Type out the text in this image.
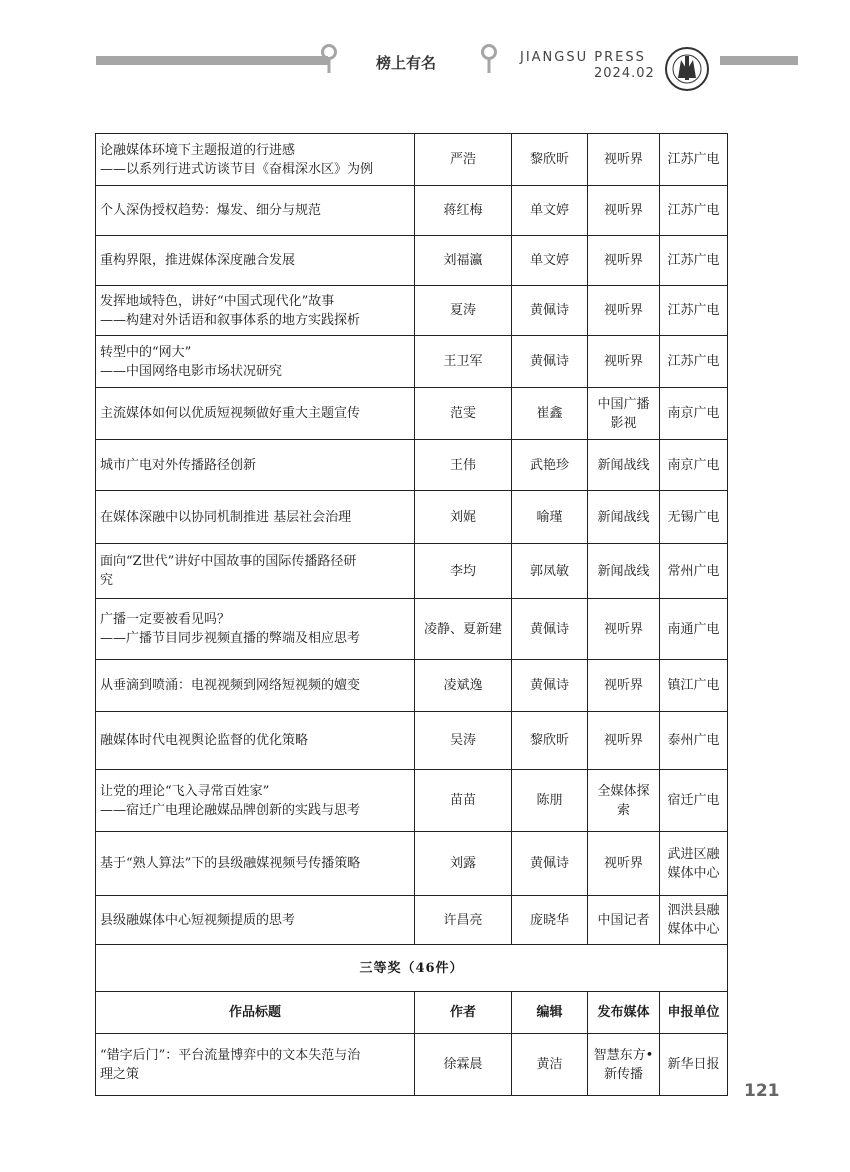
榜上有名	JIANGSU PRESS
2024.02
论融媒体环境下主题报道的行进感
——以系列行进式访谈节目《奋楫深水区》为例	严浩	黎欣昕	视听界	江苏广电

个人深伪授权趋势：爆发、细分与规范	蒋红梅	单文婷	视听界	江苏广电

重构界限，推进媒体深度融合发展	刘福瀛	单文婷	视听界	江苏广电

发挥地域特色，讲好“中国式现代化”故事
——构建对外话语和叙事体系的地方实践探析	夏涛	黄佩诗	视听界	江苏广电

转型中的“网大”
——中国网络电影市场状况研究	王卫军	黄佩诗	视听界	江苏广电

主流媒体如何以优质短视频做好重大主题宣传	范雯	崔鑫	中国广播影视	南京广电

城市广电对外传播路径创新	王伟	武艳珍	新闻战线	南京广电

在媒体深融中以协同机制推进 基层社会治理	刘娓	喻瑾	新闻战线	无锡广电

面向“Z世代”讲好中国故事的国际传播路径研
究	李均	郭凤敏	新闻战线	常州广电

广播一定要被看见吗？
——广播节目同步视频直播的弊端及相应思考	凌静、夏新建	黄佩诗	视听界	南通广电

从垂滴到喷涌：电视视频到网络短视频的嬗变	凌斌逸	黄佩诗	视听界	镇江广电

融媒体时代电视舆论监督的优化策略	吴涛	黎欣昕	视听界	泰州广电

让党的理论“飞入寻常百姓家”
——宿迁广电理论融媒品牌创新的实践与思考	苗苗	陈朋	全媒体探索	宿迁广电

基于“熟人算法”下的县级融媒视频号传播策略	刘露	黄佩诗	视听界	武进区融媒体中心

县级融媒体中心短视频提质的思考	许昌亮	庞晓华	中国记者	泗洪县融媒体中心
三等奖（46件）				
作品标题	作者	编辑	发布媒体	申报单位

“错字后门”：平台流量博弈中的文本失范与治
理之策	徐霖晨	黄洁	智慧东方•新传播	新华日报
121
